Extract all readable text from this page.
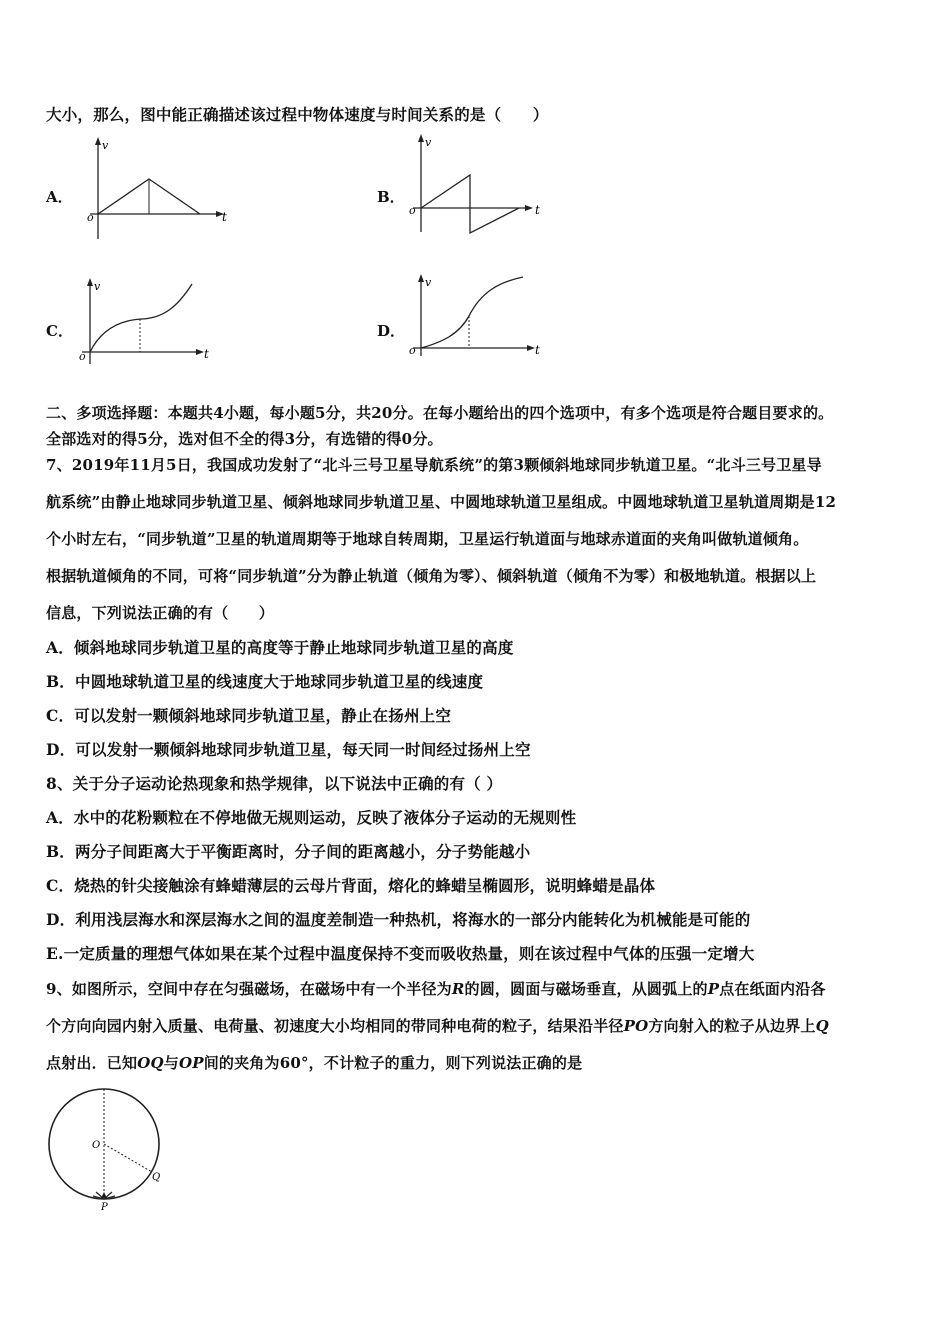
大小，那么，图中能正确描述该过程中物体速度与时间关系的是（　　）
A．	B．
C．	D．
v
t
o
v
t
o
v
t
o
v
t
o
二、多项选择题：本题共4小题，每小题5分，共20分。在每小题给出的四个选项中，有多个选项是符合题目要求的。
全部选对的得5分，选对但不全的得3分，有选错的得0分。
7、2019年11月5日，我国成功发射了“北斗三号卫星导航系统”的第3颗倾斜地球同步轨道卫星。“北斗三号卫星导
航系统”由静止地球同步轨道卫星、倾斜地球同步轨道卫星、中圆地球轨道卫星组成。中圆地球轨道卫星轨道周期是12
个小时左右，“同步轨道”卫星的轨道周期等于地球自转周期，卫星运行轨道面与地球赤道面的夹角叫做轨道倾角。
根据轨道倾角的不同，可将“同步轨道”分为静止轨道（倾角为零）、倾斜轨道（倾角不为零）和极地轨道。根据以上
信息，下列说法正确的有（　　）
A．倾斜地球同步轨道卫星的高度等于静止地球同步轨道卫星的高度
B．中圆地球轨道卫星的线速度大于地球同步轨道卫星的线速度
C．可以发射一颗倾斜地球同步轨道卫星，静止在扬州上空
D．可以发射一颗倾斜地球同步轨道卫星，每天同一时间经过扬州上空
8、关于分子运动论热现象和热学规律，以下说法中正确的有（ ）
A．水中的花粉颗粒在不停地做无规则运动，反映了液体分子运动的无规则性
B．两分子间距离大于平衡距离时，分子间的距离越小，分子势能越小
C．烧热的针尖接触涂有蜂蜡薄层的云母片背面，熔化的蜂蜡呈椭圆形，说明蜂蜡是晶体
D．利用浅层海水和深层海水之间的温度差制造一种热机，将海水的一部分内能转化为机械能是可能的
E.一定质量的理想气体如果在某个过程中温度保持不变而吸收热量，则在该过程中气体的压强一定增大
9、如图所示，空间中存在匀强磁场，在磁场中有一个半径为R的圆，圆面与磁场垂直，从圆弧上的P点在纸面内沿各
个方向向园内射入质量、电荷量、初速度大小均相同的带同种电荷的粒子，结果沿半径PO方向射入的粒子从边界上Q
点射出．已知OQ与OP间的夹角为60°，不计粒子的重力，则下列说法正确的是
O
Q
P
